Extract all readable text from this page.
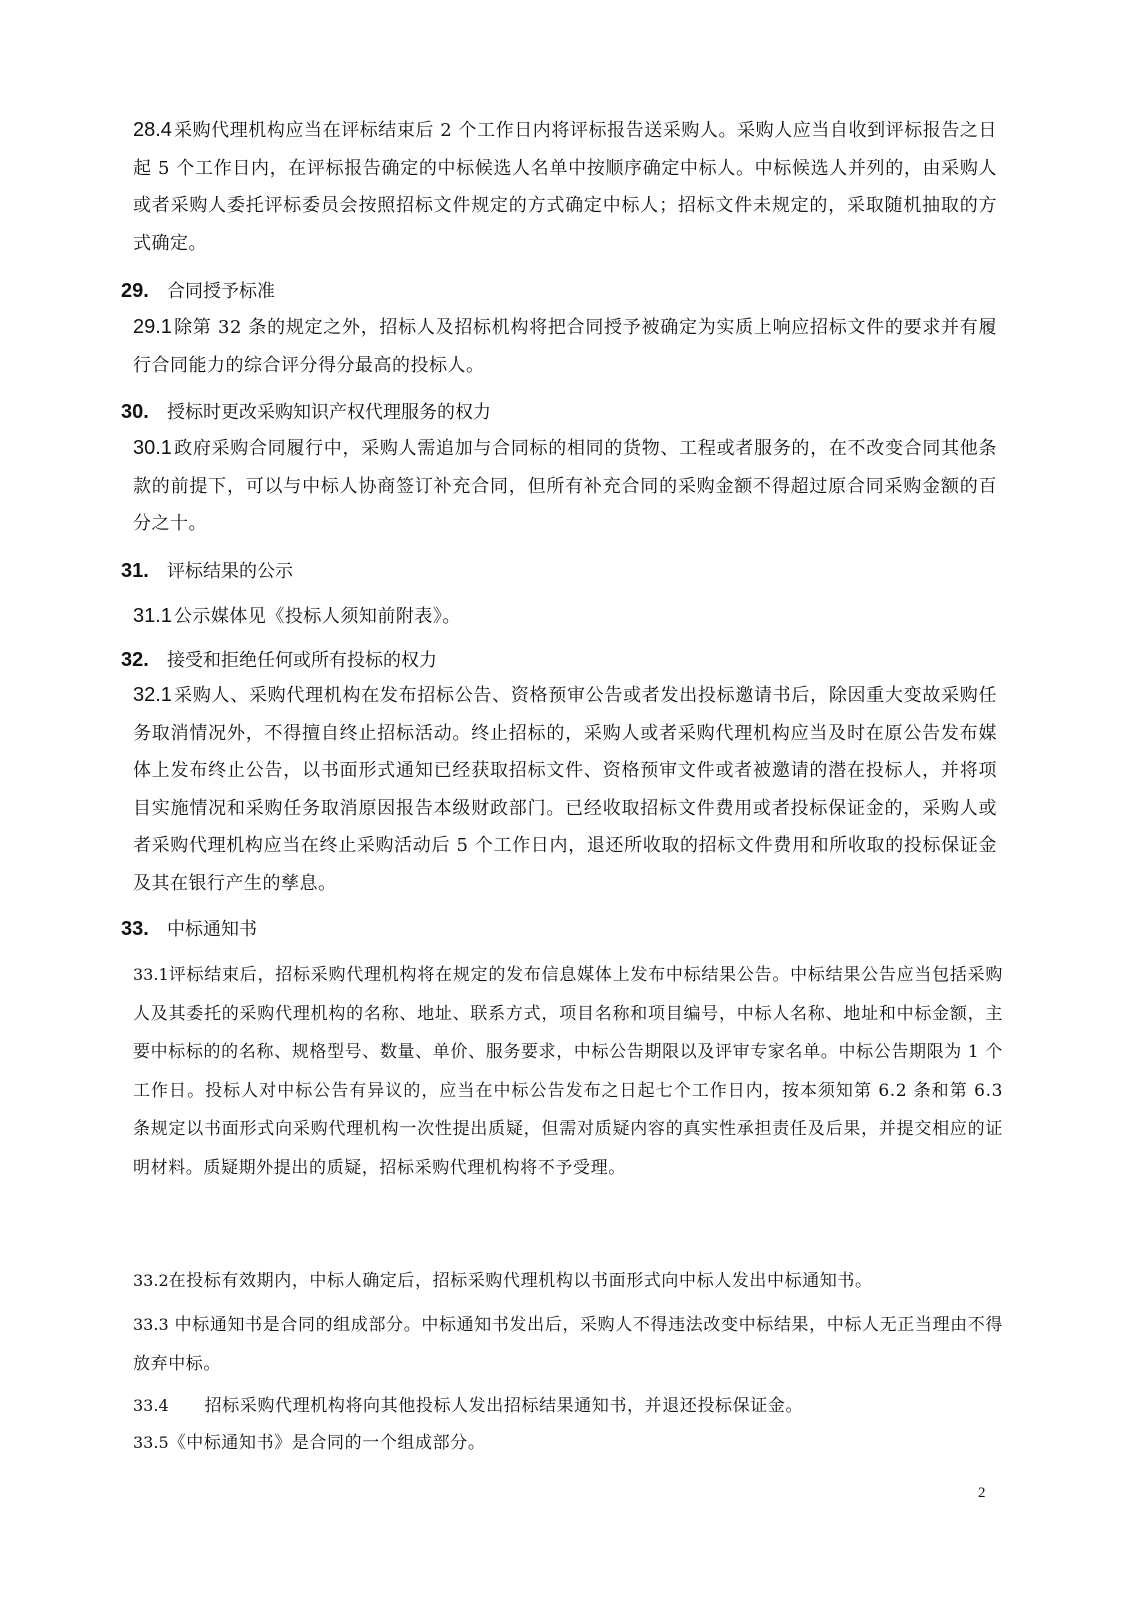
28.4 采购代理机构应当在评标结束后 2 个工作日内将评标报告送采购人。采购人应当自收到评标报告之日起 5 个工作日内，在评标报告确定的中标候选人名单中按顺序确定中标人。中标候选人并列的，由采购人或者采购人委托评标委员会按照招标文件规定的方式确定中标人；招标文件未规定的，采取随机抽取的方式确定。

29. 合同授予标准

29.1 除第 32 条的规定之外，招标人及招标机构将把合同授予被确定为实质上响应招标文件的要求并有履行合同能力的综合评分得分最高的投标人。

30. 授标时更改采购知识产权代理服务的权力

30.1 政府采购合同履行中，采购人需追加与合同标的相同的货物、工程或者服务的，在不改变合同其他条款的前提下，可以与中标人协商签订补充合同，但所有补充合同的采购金额不得超过原合同采购金额的百分之十。

31. 评标结果的公示

31.1 公示媒体见《投标人须知前附表》。

32. 接受和拒绝任何或所有投标的权力

32.1 采购人、采购代理机构在发布招标公告、资格预审公告或者发出投标邀请书后，除因重大变故采购任务取消情况外，不得擅自终止招标活动。终止招标的，采购人或者采购代理机构应当及时在原公告发布媒体上发布终止公告，以书面形式通知已经获取招标文件、资格预审文件或者被邀请的潜在投标人，并将项目实施情况和采购任务取消原因报告本级财政部门。已经收取招标文件费用或者投标保证金的，采购人或者采购代理机构应当在终止采购活动后 5 个工作日内，退还所收取的招标文件费用和所收取的投标保证金及其在银行产生的孳息。

33. 中标通知书

33.1评标结束后，招标采购代理机构将在规定的发布信息媒体上发布中标结果公告。中标结果公告应当包括采购人及其委托的采购代理机构的名称、地址、联系方式，项目名称和项目编号，中标人名称、地址和中标金额，主要中标标的的名称、规格型号、数量、单价、服务要求，中标公告期限以及评审专家名单。中标公告期限为 1 个工作日。投标人对中标公告有异议的，应当在中标公告发布之日起七个工作日内，按本须知第 6.2 条和第 6.3 条规定以书面形式向采购代理机构一次性提出质疑，但需对质疑内容的真实性承担责任及后果，并提交相应的证明材料。质疑期外提出的质疑，招标采购代理机构将不予受理。

33.2在投标有效期内，中标人确定后，招标采购代理机构以书面形式向中标人发出中标通知书。

33.3 中标通知书是合同的组成部分。中标通知书发出后，采购人不得违法改变中标结果，中标人无正当理由不得放弃中标。

33.4 招标采购代理机构将向其他投标人发出招标结果通知书，并退还投标保证金。

33.5《中标通知书》是合同的一个组成部分。

2
